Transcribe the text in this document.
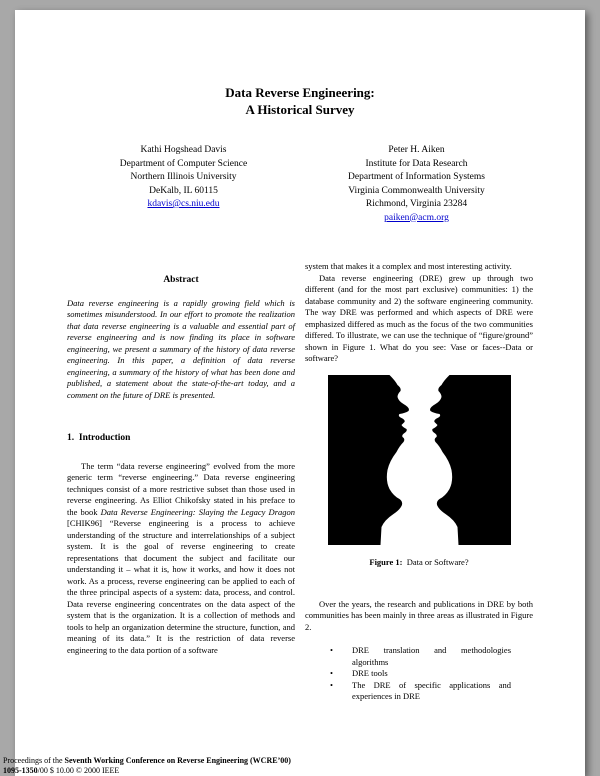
Data Reverse Engineering:
A Historical Survey
Kathi Hogshead Davis
Department of Computer Science
Northern Illinois University
DeKalb, IL 60115
kdavis@cs.niu.edu
Peter H. Aiken
Institute for Data Research
Department of Information Systems
Virginia Commonwealth University
Richmond, Virginia 23284
paiken@acm.org
Abstract

Data reverse engineering is a rapidly growing field which is sometimes misunderstood. In our effort to promote the realization that data reverse engineering is a valuable and essential part of reverse engineering and is now finding its place in software engineering, we present a summary of the history of data reverse engineering. In this paper, a definition of data reverse engineering, a summary of the history of what has been done and published, a statement about the state-of-the-art today, and a comment on the future of DRE is presented.

1.  Introduction

The term “data reverse engineering” evolved from the more generic term “reverse engineering.” Data reverse engineering techniques consist of a more restrictive subset than those used in reverse engineering. As Elliot Chikofsky stated in his preface to the book Data Reverse Engineering: Slaying the Legacy Dragon [CHIK96] “Reverse engineering is a process to achieve understanding of the structure and interrelationships of a subject system. It is the goal of reverse engineering to create representations that document the subject and facilitate our understanding it – what it is, how it works, and how it does not work. As a process, reverse engineering can be applied to each of the three principal aspects of a system: data, process, and control. Data reverse engineering concentrates on the data aspect of the system that is the organization. It is a collection of methods and tools to help an organization determine the structure, function, and meaning of its data.” It is the restriction of data reverse engineering to the data portion of a software

system that makes it a complex and most interesting activity.

Data reverse engineering (DRE) grew up through two different (and for the most part exclusive) communities: 1) the database community and 2) the software engineering community. The way DRE was performed and which aspects of DRE were emphasized differed as much as the focus of the two communities differed. To illustrate, we can use the technique of “figure/ground” shown in Figure 1. What do you see: Vase or faces--Data or software?

Figure 1:  Data or Software?

Over the years, the research and publications in DRE by both communities has been mainly in three areas as illustrated in Figure 2.

• DRE translation and methodologies algorithms
• DRE tools
• The DRE of specific applications and experiences in DRE
Proceedings of the Seventh Working Conference on Reverse Engineering (WCRE’00)
1095-1350/00 $ 10.00 © 2000 IEEE
